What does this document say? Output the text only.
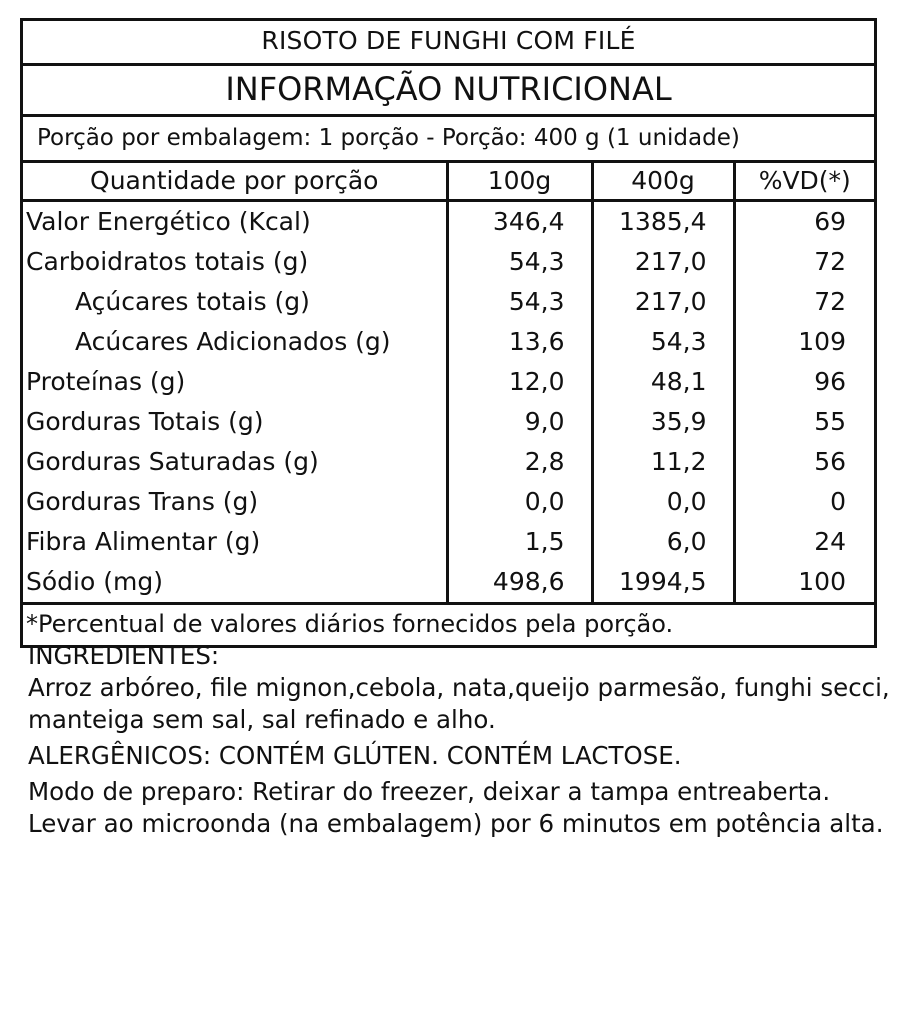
RISOTO DE FUNGHI COM FILÉ
INFORMAÇÃO NUTRICIONAL
Porção por embalagem: 1 porção - Porção: 400 g (1 unidade)
Quantidade por porção	100g	400g	%VD(*)
Valor Energético (Kcal)	346,4	1385,4	69
Carboidratos totais (g)	54,3	217,0	72
Açúcares totais (g)	54,3	217,0	72
Acúcares Adicionados (g)	13,6	54,3	109
Proteínas (g)	12,0	48,1	96
Gorduras Totais (g)	9,0	35,9	55
Gorduras Saturadas (g)	2,8	11,2	56
Gorduras Trans (g)	0,0	0,0	0
Fibra Alimentar (g)	1,5	6,0	24
Sódio (mg)	498,6	1994,5	100
*Percentual de valores diários fornecidos pela porção.

INGREDIENTES:

Arroz arbóreo, file mignon,cebola, nata,queijo parmesão, funghi secci,

manteiga sem sal, sal refinado e alho.

ALERGÊNICOS: CONTÉM GLÚTEN. CONTÉM LACTOSE.

Modo de preparo: Retirar do freezer, deixar a tampa entreaberta.

Levar ao microonda (na embalagem) por 6 minutos em potência alta.
